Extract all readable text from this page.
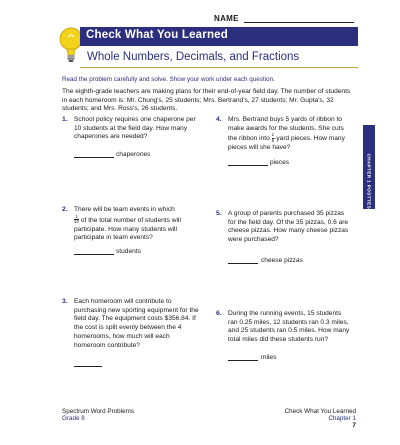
NAME
Check What You Learned
Whole Numbers, Decimals, and Fractions
Read the problem carefully and solve. Show your work under each question.
The eighth-grade teachers are making plans for their end-of-year field day. The number of students in each homeroom is: Mr. Chung's, 25 students; Mrs. Bertrand's, 27 students; Mr. Gupta's, 32 students; and Mrs. Ross's, 26 students.
1. School policy requires one chaperone per 10 students at the field day. How many chaperones are needed?
chaperones
4. Mrs. Bertrand buys 5 yards of ribbon to make awards for the students. She cuts the ribbon into $\frac{1}{6}$ -yard pieces. How many pieces will she have?
pieces
2. There will be team events in which

$\frac{1}{10}$ of the total number of students will participate. How many students will participate in team events?
students
5. A group of parents purchased 35 pizzas for the field day. Of the 35 pizzas, 0.6 are cheese pizzas. How many cheese pizzas were purchased?
cheese pizzas
3. Each homeroom will contribute to purchasing new sporting equipment for the field day. The equipment costs $356.84. If the cost is split evenly between the 4 homerooms, how much will each homeroom contribute?
6. During the running events, 15 students ran 0.25 miles, 12 students ran 0.3 miles, and 25 students ran 0.5 miles. How many total miles did these students run?
miles
Spectrum Word Problems
Grade 8
Check What You Learned
Chapter 1
7
